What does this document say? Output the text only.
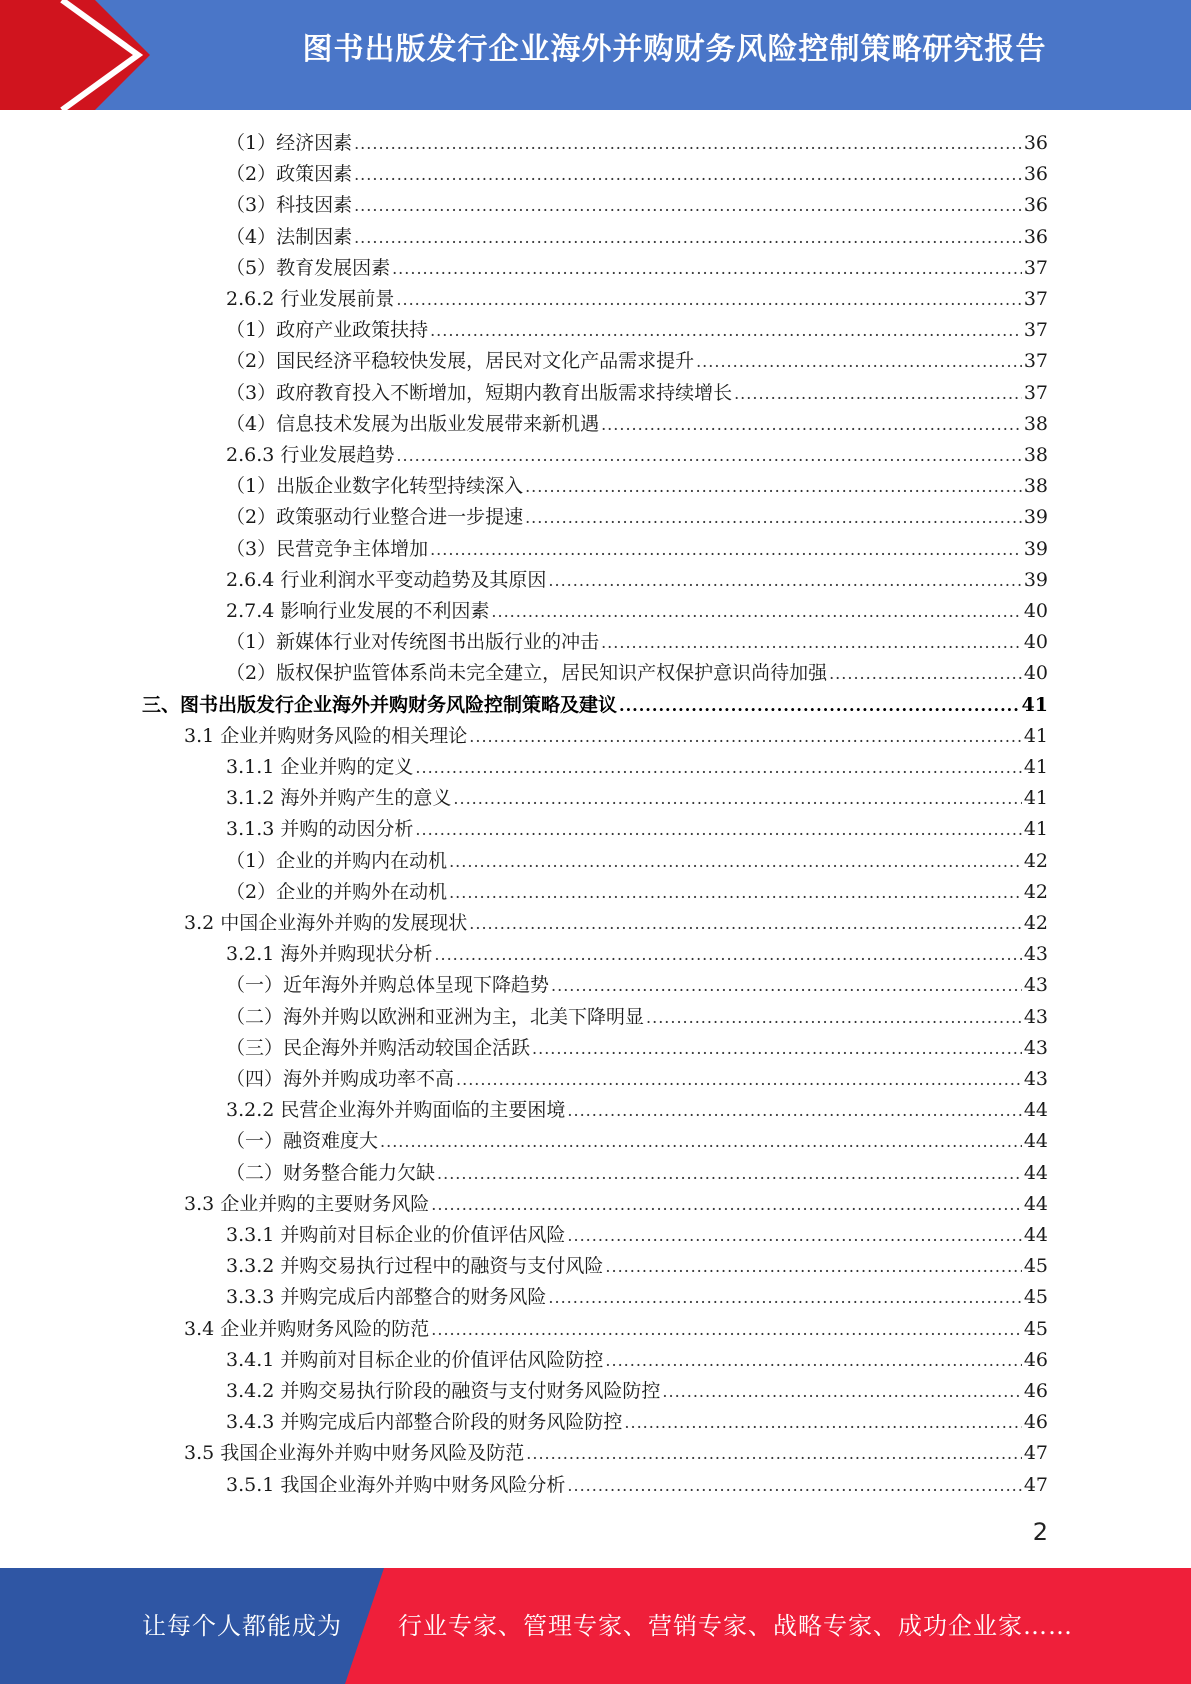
图书出版发行企业海外并购财务风险控制策略研究报告
（1）经济因素 .....	36
（2）政策因素 .....	36
（3）科技因素 .....	36
（4）法制因素 .....	36
（5）教育发展因素 .....	37
2.6.2 行业发展前景 .....	37
（1）政府产业政策扶持 .....	37
（2）国民经济平稳较快发展，居民对文化产品需求提升 .....	37
（3）政府教育投入不断增加，短期内教育出版需求持续增长 .....	37
（4）信息技术发展为出版业发展带来新机遇 .....	38
2.6.3 行业发展趋势 .....	38
（1）出版企业数字化转型持续深入 .....	38
（2）政策驱动行业整合进一步提速 .....	39
（3）民营竞争主体增加 .....	39
2.6.4 行业利润水平变动趋势及其原因 .....	39
2.7.4 影响行业发展的不利因素 .....	40
（1）新媒体行业对传统图书出版行业的冲击 .....	40
（2）版权保护监管体系尚未完全建立，居民知识产权保护意识尚待加强 .....	40
三、图书出版发行企业海外并购财务风险控制策略及建议 .....	41
3.1 企业并购财务风险的相关理论 .....	41
3.1.1 企业并购的定义 .....	41
3.1.2 海外并购产生的意义 .....	41
3.1.3 并购的动因分析 .....	41
（1）企业的并购内在动机 .....	42
（2）企业的并购外在动机 .....	42
3.2 中国企业海外并购的发展现状 .....	42
3.2.1 海外并购现状分析 .....	43
（一）近年海外并购总体呈现下降趋势 .....	43
（二）海外并购以欧洲和亚洲为主，北美下降明显 .....	43
（三）民企海外并购活动较国企活跃 .....	43
（四）海外并购成功率不高 .....	43
3.2.2 民营企业海外并购面临的主要困境 .....	44
（一）融资难度大 .....	44
（二）财务整合能力欠缺 .....	44
3.3 企业并购的主要财务风险 .....	44
3.3.1 并购前对目标企业的价值评估风险 .....	44
3.3.2 并购交易执行过程中的融资与支付风险 .....	45
3.3.3 并购完成后内部整合的财务风险 .....	45
3.4 企业并购财务风险的防范 .....	45
3.4.1 并购前对目标企业的价值评估风险防控 .....	46
3.4.2 并购交易执行阶段的融资与支付财务风险防控 .....	46
3.4.3 并购完成后内部整合阶段的财务风险防控 .....	46
3.5 我国企业海外并购中财务风险及防范 .....	47
3.5.1 我国企业海外并购中财务风险分析 .....	47
2
让每个人都能成为 行业专家、管理专家、营销专家、战略专家、成功企业家……
